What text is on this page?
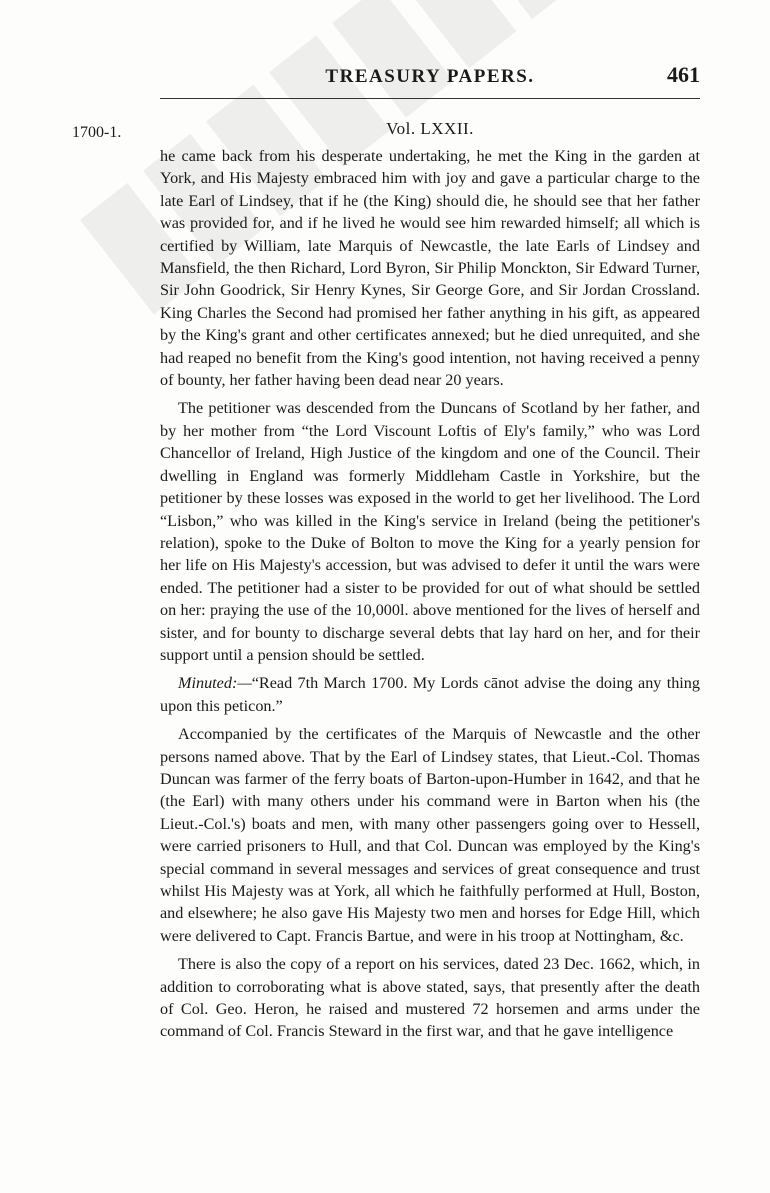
TREASURY PAPERS.	461
1700-1.	Vol. LXXII.

he came back from his desperate undertaking, he met the King in the garden at York, and His Majesty embraced him with joy and gave a particular charge to the late Earl of Lindsey, that if he (the King) should die, he should see that her father was provided for, and if he lived he would see him rewarded himself; all which is certified by William, late Marquis of Newcastle, the late Earls of Lindsey and Mansfield, the then Richard, Lord Byron, Sir Philip Monckton, Sir Edward Turner, Sir John Goodrick, Sir Henry Kynes, Sir George Gore, and Sir Jordan Crossland. King Charles the Second had promised her father anything in his gift, as appeared by the King's grant and other certificates annexed; but he died unrequited, and she had reaped no benefit from the King's good intention, not having received a penny of bounty, her father having been dead near 20 years.

The petitioner was descended from the Duncans of Scotland by her father, and by her mother from “the Lord Viscount Loftis of Ely's family,” who was Lord Chancellor of Ireland, High Justice of the kingdom and one of the Council. Their dwelling in England was formerly Middleham Castle in Yorkshire, but the petitioner by these losses was exposed in the world to get her livelihood. The Lord “Lisbon,” who was killed in the King's service in Ireland (being the petitioner's relation), spoke to the Duke of Bolton to move the King for a yearly pension for her life on His Majesty's accession, but was advised to defer it until the wars were ended. The petitioner had a sister to be provided for out of what should be settled on her: praying the use of the 10,000l. above mentioned for the lives of herself and sister, and for bounty to discharge several debts that lay hard on her, and for their support until a pension should be settled.

Minuted:—“Read 7th March 1700. My Lords cānot advise the doing any thing upon this peticon.”

Accompanied by the certificates of the Marquis of Newcastle and the other persons named above. That by the Earl of Lindsey states, that Lieut.-Col. Thomas Duncan was farmer of the ferry boats of Barton-upon-Humber in 1642, and that he (the Earl) with many others under his command were in Barton when his (the Lieut.-Col.'s) boats and men, with many other passengers going over to Hessell, were carried prisoners to Hull, and that Col. Duncan was employed by the King's special command in several messages and services of great consequence and trust whilst His Majesty was at York, all which he faithfully performed at Hull, Boston, and elsewhere; he also gave His Majesty two men and horses for Edge Hill, which were delivered to Capt. Francis Bartue, and were in his troop at Nottingham, &c.

There is also the copy of a report on his services, dated 23 Dec. 1662, which, in addition to corroborating what is above stated, says, that presently after the death of Col. Geo. Heron, he raised and mustered 72 horsemen and arms under the command of Col. Francis Steward in the first war, and that he gave intelligence
